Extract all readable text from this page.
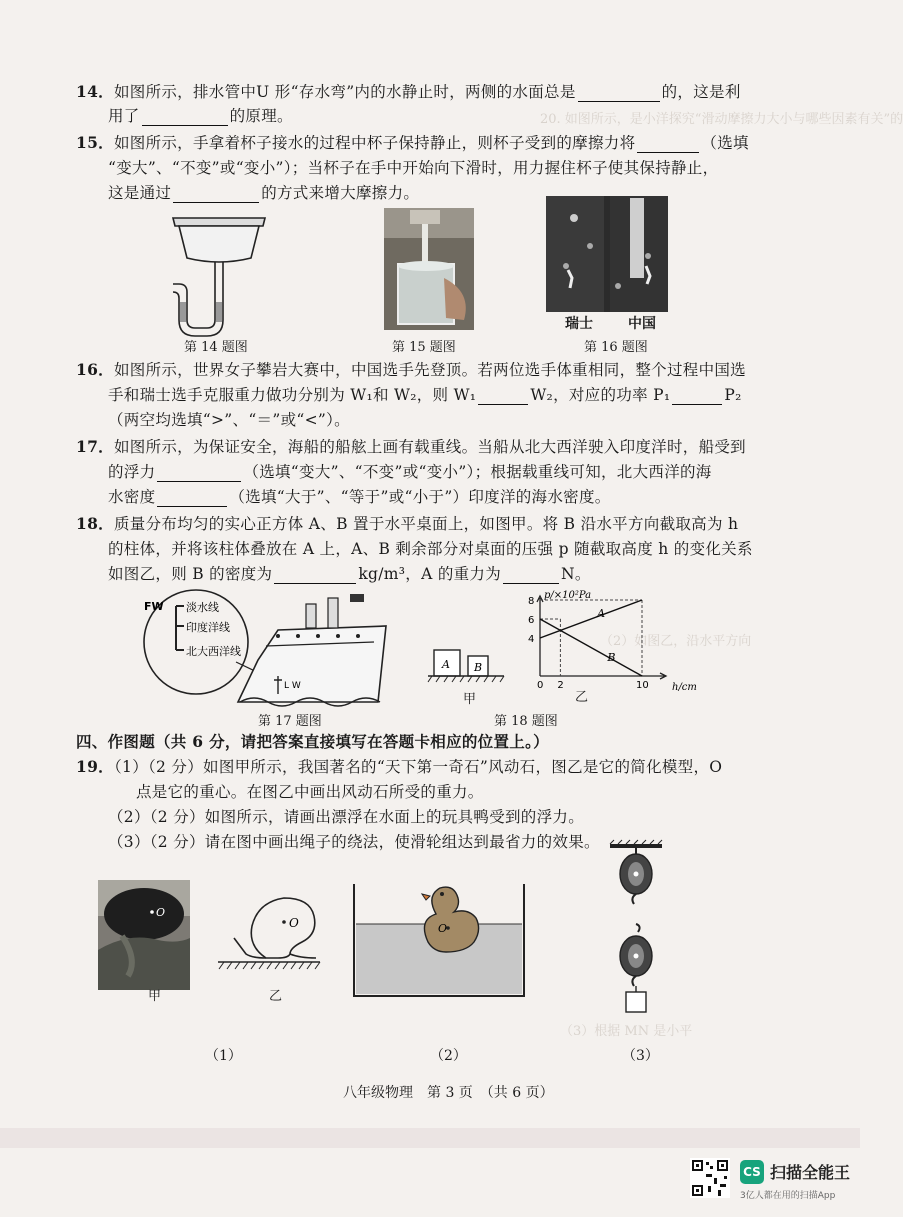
20. 如图所示，是小洋探究“滑动摩擦力大小与哪些因素有关”的
（2）如图乙，沿水平方向
（3）根据 MN 是小平
14．如图所示，排水管中U 形“存水弯”内的水静止时，两侧的水面总是	的，这是利
用了	的原理。
15．如图所示，手拿着杯子接水的过程中杯子保持静止，则杯子受到的摩擦力将	（选填
“变大”、“不变”或“变小”）；当杯子在手中开始向下滑时，用力握住杯子使其保持静止，
这是通过	的方式来增大摩擦力。
瑞士	中国
第 14 题图	第 15 题图	第 16 题图
16．如图所示，世界女子攀岩大赛中，中国选手先登顶。若两位选手体重相同，整个过程中国选
手和瑞士选手克服重力做功分别为 W₁和 W₂，则 W₁	W₂，对应的功率 P₁	P₂
（两空均选填“>”、“＝”或“<”）。
17．如图所示，为保证安全，海船的船舷上画有载重线。当船从北大西洋驶入印度洋时，船受到
的浮力	（选填“变大”、“不变”或“变小”）；根据载重线可知，北大西洋的海
水密度	（选填“大于”、“等于”或“小于”）印度洋的海水密度。
18．质量分布均匀的实心正方体 A、B 置于水平桌面上，如图甲。将 B 沿水平方向截取高为 h
的柱体，并将该柱体叠放在 A 上，A、B 剩余部分对桌面的压强 p 随截取高度 h 的变化关系
如图乙，则 B 的密度为	kg/m³，A 的重力为	N。
FW 淡水线
印度洋线
北大西洋线
L W
第 17 题图
A B
甲
A
B
8
6
4
0 2	10
p/×10²Pa
h/cm
乙
第 18 题图
四、作图题（共 6 分，请把答案直接填写在答题卡相应的位置上。）
19．（1）（2 分）如图甲所示，我国著名的“天下第一奇石”风动石，图乙是它的简化模型，O
点是它的重心。在图乙中画出风动石所受的重力。
（2）（2 分）如图所示，请画出漂浮在水面上的玩具鸭受到的浮力。
（3）（2 分）请在图中画出绳子的绕法，使滑轮组达到最省力的效果。
O
甲
O
乙
O
（1）	（2）	（3）
八年级物理　第 3 页　（共 6 页）
CS 扫描全能王
3亿人都在用的扫描App
